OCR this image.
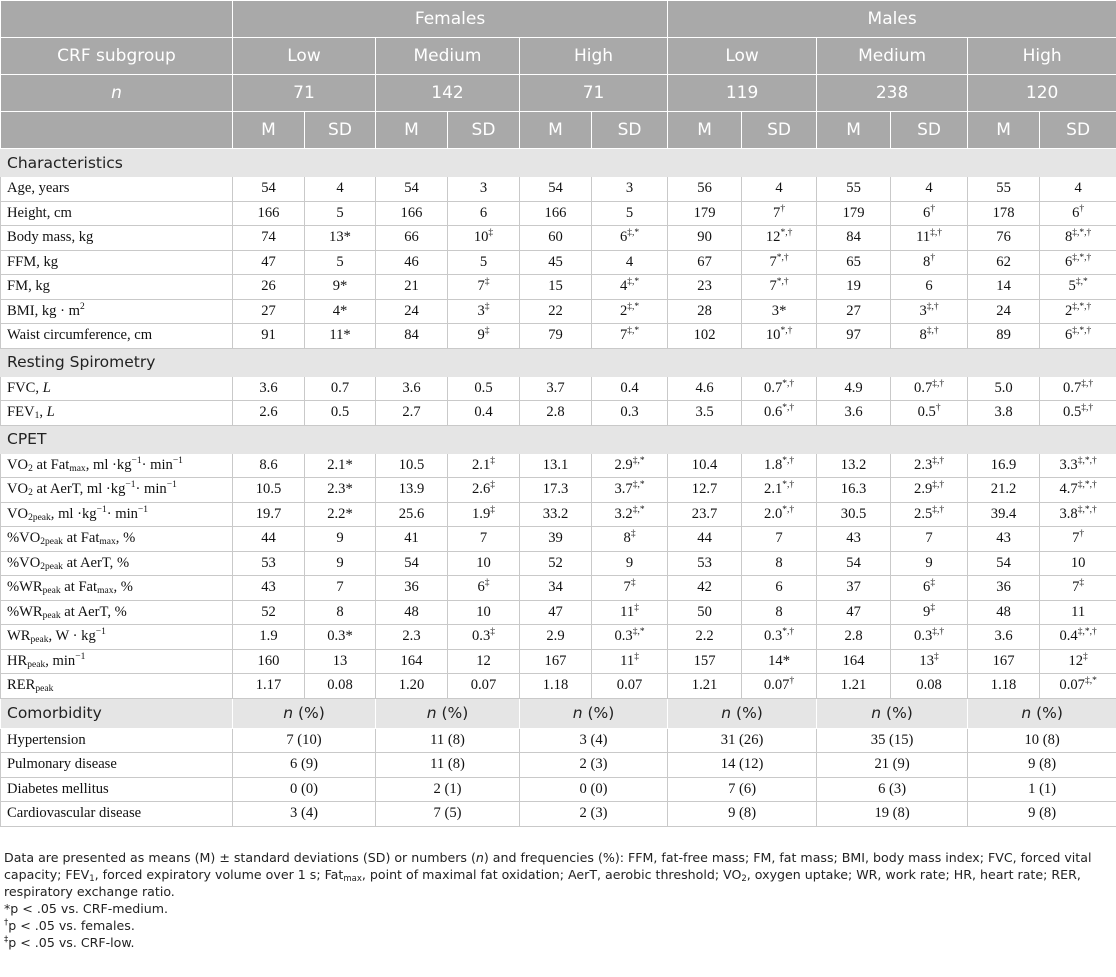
	Females						Males					
CRF subgroup	Low		Medium		High		Low		Medium		High	
n	71		142		71		119		238		120	
	M	SD	M	SD	M	SD	M	SD	M	SD	M	SD
Characteristics												
Age, years	54	4	54	3	54	3	56	4	55	4	55	4
Height, cm	166	5	166	6	166	5	179	7†	179	6†	178	6†
Body mass, kg	74	13*	66	10‡	60	6‡,*	90	12*,†	84	11‡,†	76	8‡,*,†
FFM, kg	47	5	46	5	45	4	67	7*,†	65	8†	62	6‡,*,†
FM, kg	26	9*	21	7‡	15	4‡,*	23	7*,†	19	6	14	5‡,*
BMI, kg · $m^2$	27	4*	24	3‡	22	2‡,*	28	3*	27	3‡,†	24	2‡,*,†
Waist circumference, cm	91	11*	84	9‡	79	7‡,*	102	10*,†	97	8‡,†	89	6‡,*,†
Resting Spirometry												
FVC, L	3.6	0.7	3.6	0.5	3.7	0.4	4.6	0.7*,†	4.9	0.7‡,†	5.0	0.7‡,†
$FEV_1$, L	2.6	0.5	2.7	0.4	2.8	0.3	3.5	0.6*,†	3.6	0.5†	3.8	0.5‡,†
CPET												
$VO_2$ at Fat$_{max}$, ml $\cdot kg^{-1}\cdot \min^{-1}$	8.6	2.1*	10.5	2.1‡	13.1	2.9‡,*	10.4	1.8*,†	13.2	2.3‡,†	16.9	3.3‡,*,†
$VO_2$ at AerT, ml $\cdot kg^{-1}\cdot \min^{-1}$	10.5	2.3*	13.9	2.6‡	17.3	3.7‡,*	12.7	2.1*,†	16.3	2.9‡,†	21.2	4.7‡,*,†
$VO_{2peak}$, ml $\cdot kg^{-1}\cdot \min^{-1}$	19.7	2.2*	25.6	1.9‡	33.2	3.2‡,*	23.7	2.0*,†	30.5	2.5‡,†	39.4	3.8‡,*,†
$\%VO_{2peak}$ at Fat$_{max}$, %	44	9	41	7	39	8‡	44	7	43	7	43	7†
$\%VO_{2peak}$ at AerT, %	53	9	54	10	52	9	53	8	54	9	54	10
$\%WR_{peak}$ at Fat$_{max}$, %	43	7	36	6‡	34	7‡	42	6	37	6‡	36	7‡
$\%WR_{peak}$ at AerT, %	52	8	48	10	47	11‡	50	8	47	9‡	48	11
$WR_{peak}$, $W \cdot kg^{-1}$	1.9	0.3*	2.3	0.3‡	2.9	0.3‡,*	2.2	0.3*,†	2.8	0.3‡,†	3.6	0.4‡,*,†
$HR_{peak}$, $\min^{-1}$	160	13	164	12	167	11‡	157	14*	164	13‡	167	12‡
$RER_{peak}$	1.17	0.08	1.20	0.07	1.18	0.07	1.21	0.07†	1.21	0.08	1.18	0.07‡,*
Comorbidity	n (%)		n (%)		n (%)		n (%)		n (%)		n (%)	
Hypertension	7 (10)		11 (8)		3 (4)		31 (26)		35 (15)		10 (8)	
Pulmonary disease	6 (9)		11 (8)		2 (3)		14 (12)		21 (9)		9 (8)	
Diabetes mellitus	0 (0)		2 (1)		0 (0)		7 (6)		6 (3)		1 (1)	
Cardiovascular disease	3 (4)		7 (5)		2 (3)		9 (8)		19 (8)		9 (8)	
Data are presented as means (M) ± standard deviations (SD) or numbers (n) and frequencies (%): FFM, fat-free mass; FM, fat mass; BMI, body mass index; FVC, forced vital capacity; $FEV_1$, forced expiratory volume over 1 s; Fat$_{max}$, point of maximal fat oxidation; AerT, aerobic threshold; $VO_2$, oxygen uptake; WR, work rate; HR, heart rate; RER, respiratory exchange ratio.
*p < .05 vs. CRF-medium.
†p < .05 vs. females.
‡p < .05 vs. CRF-low.
